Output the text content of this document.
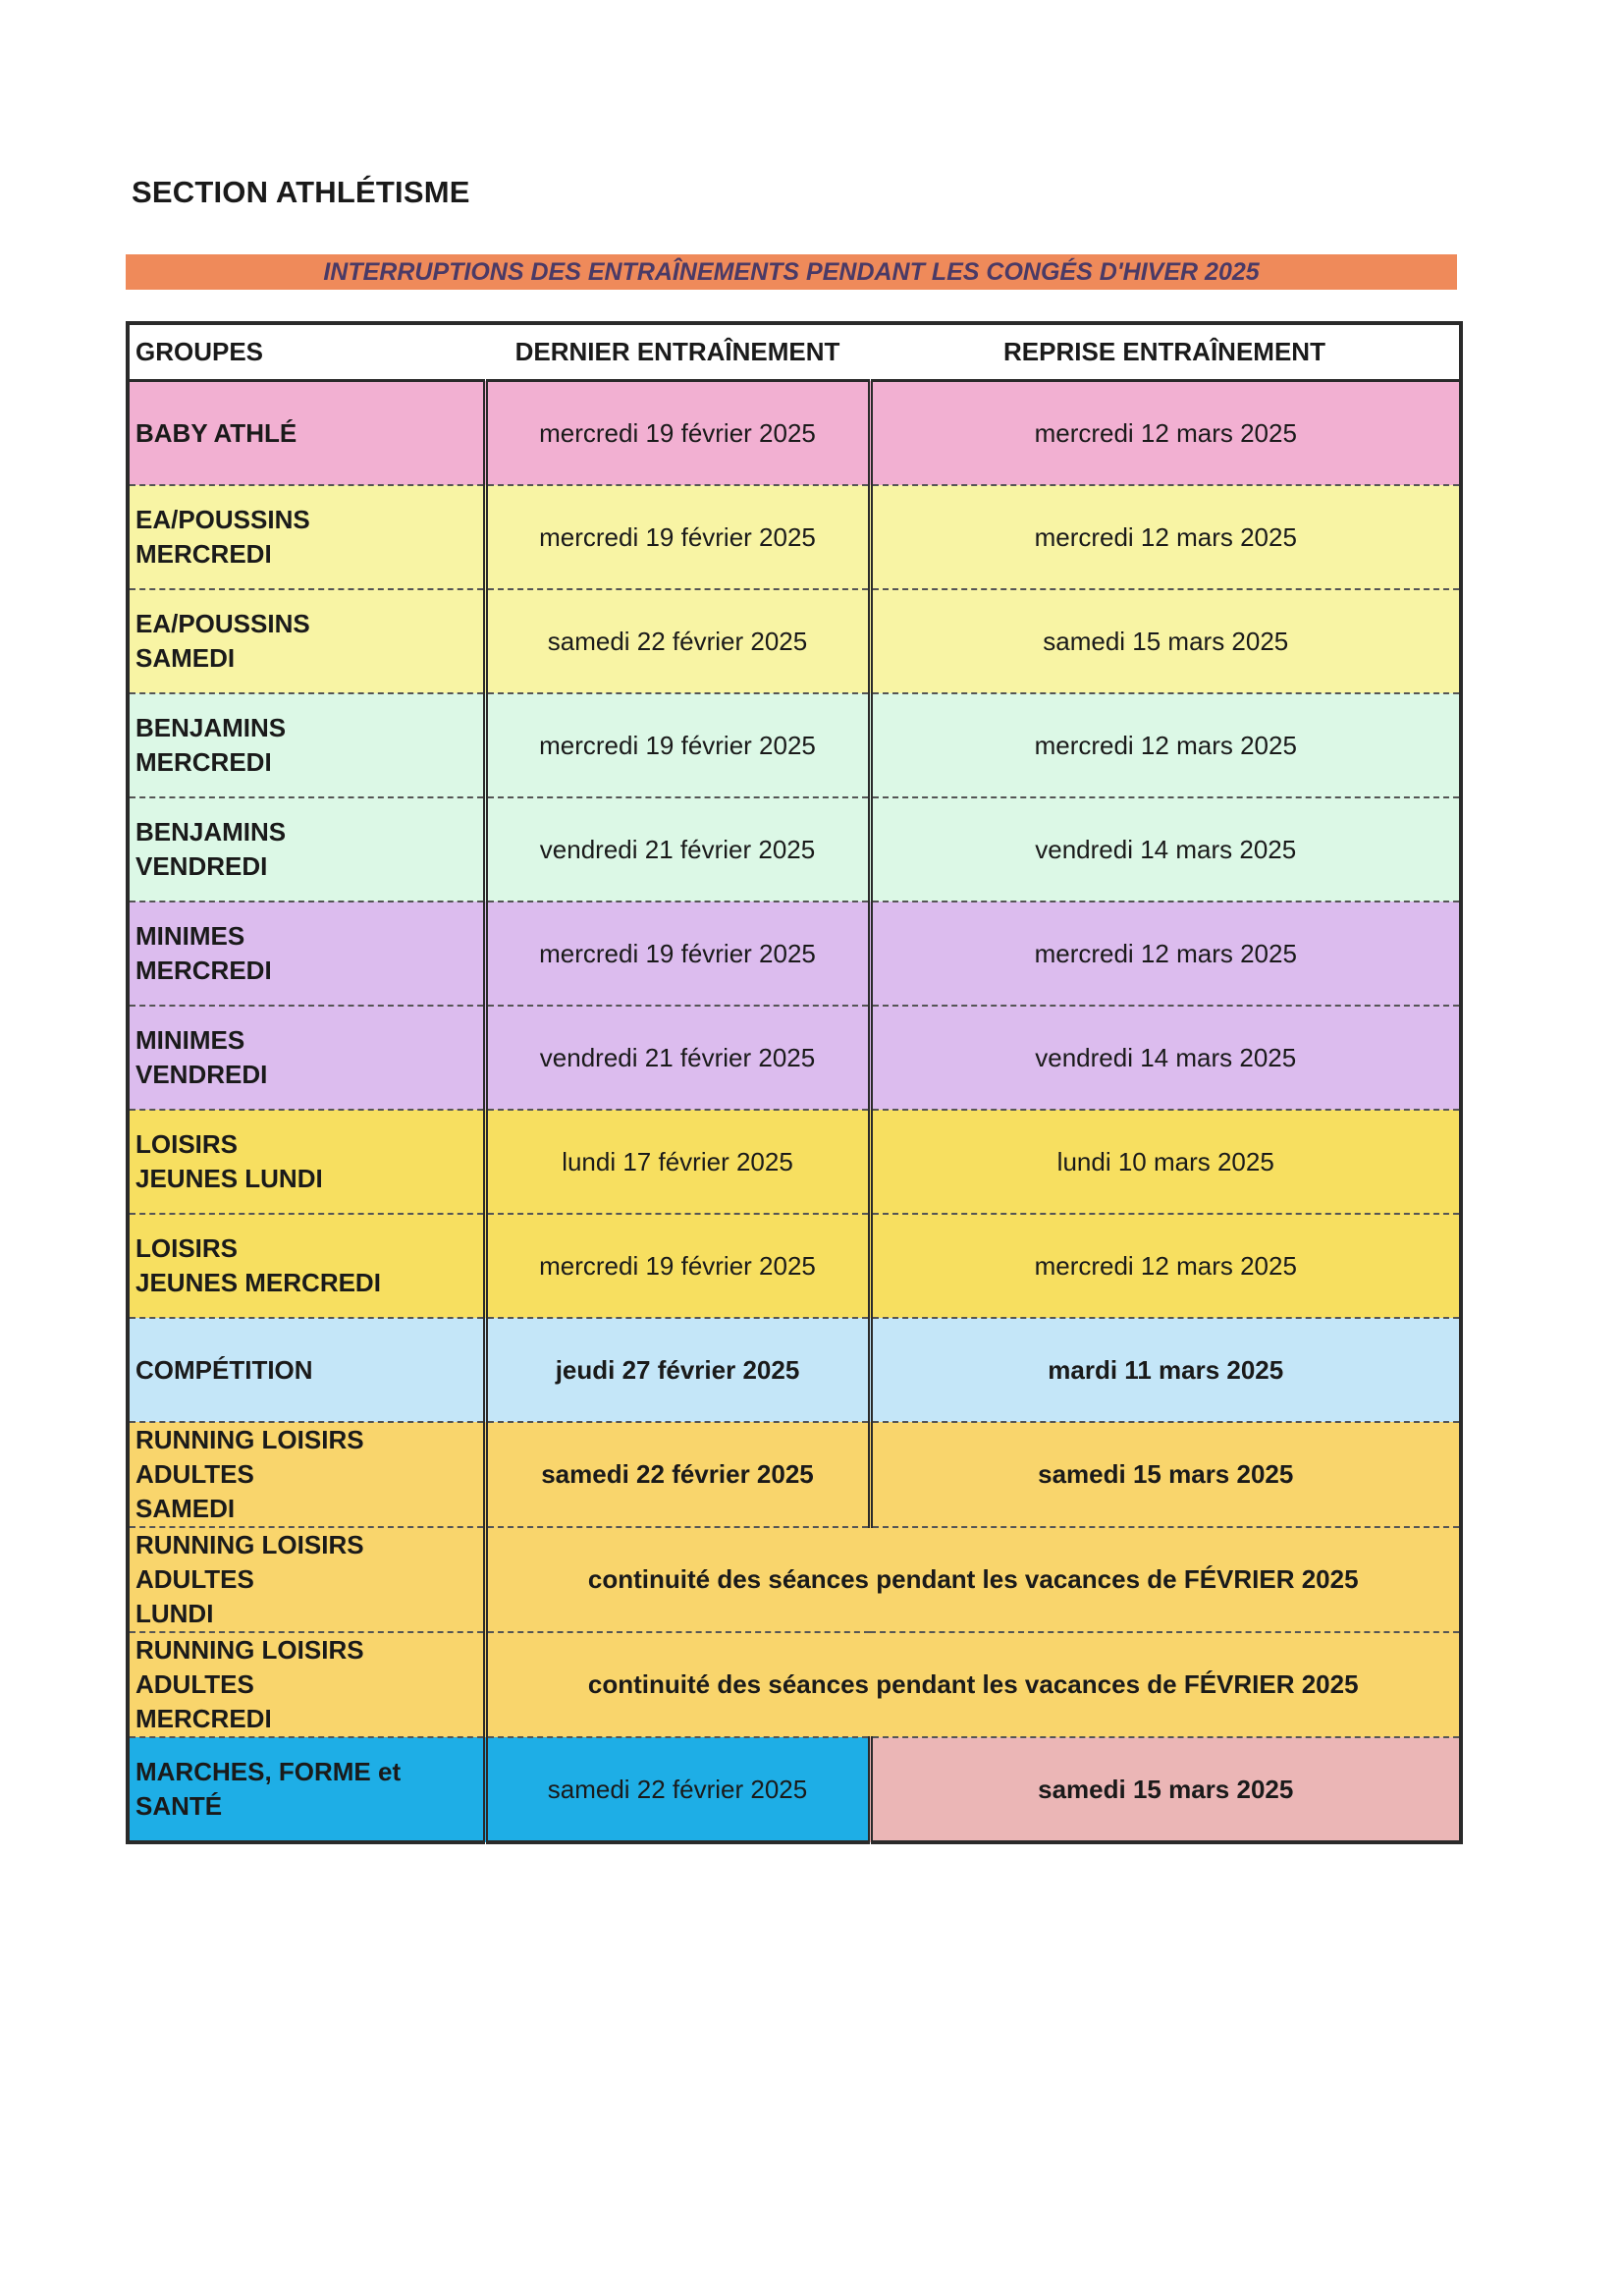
SECTION ATHLÉTISME
INTERRUPTIONS DES ENTRAÎNEMENTS PENDANT LES CONGÉS D'HIVER 2025
GROUPES	DERNIER ENTRAÎNEMENT	REPRISE ENTRAÎNEMENT
BABY ATHLÉ	mercredi 19 février 2025	mercredi 12 mars 2025
EA/POUSSINS
MERCREDI	mercredi 19 février 2025	mercredi 12 mars 2025
EA/POUSSINS
SAMEDI	samedi 22 février 2025	samedi 15 mars 2025
BENJAMINS
MERCREDI	mercredi 19 février 2025	mercredi 12 mars 2025
BENJAMINS
VENDREDI	vendredi 21 février 2025	vendredi 14 mars 2025
MINIMES
MERCREDI	mercredi 19 février 2025	mercredi 12 mars 2025
MINIMES
VENDREDI	vendredi 21 février 2025	vendredi 14 mars 2025
LOISIRS
JEUNES LUNDI	lundi 17 février 2025	lundi 10 mars 2025
LOISIRS
JEUNES MERCREDI	mercredi 19 février 2025	mercredi 12 mars 2025
COMPÉTITION	jeudi 27 février 2025	mardi 11 mars 2025
RUNNING LOISIRS
ADULTES
SAMEDI	samedi 22 février 2025	samedi 15 mars 2025
RUNNING LOISIRS
ADULTES
LUNDI	continuité des séances pendant les vacances de FÉVRIER 2025	
RUNNING LOISIRS
ADULTES
MERCREDI	continuité des séances pendant les vacances de FÉVRIER 2025	
MARCHES, FORME et
SANTÉ	samedi 22 février 2025	samedi 15 mars 2025
